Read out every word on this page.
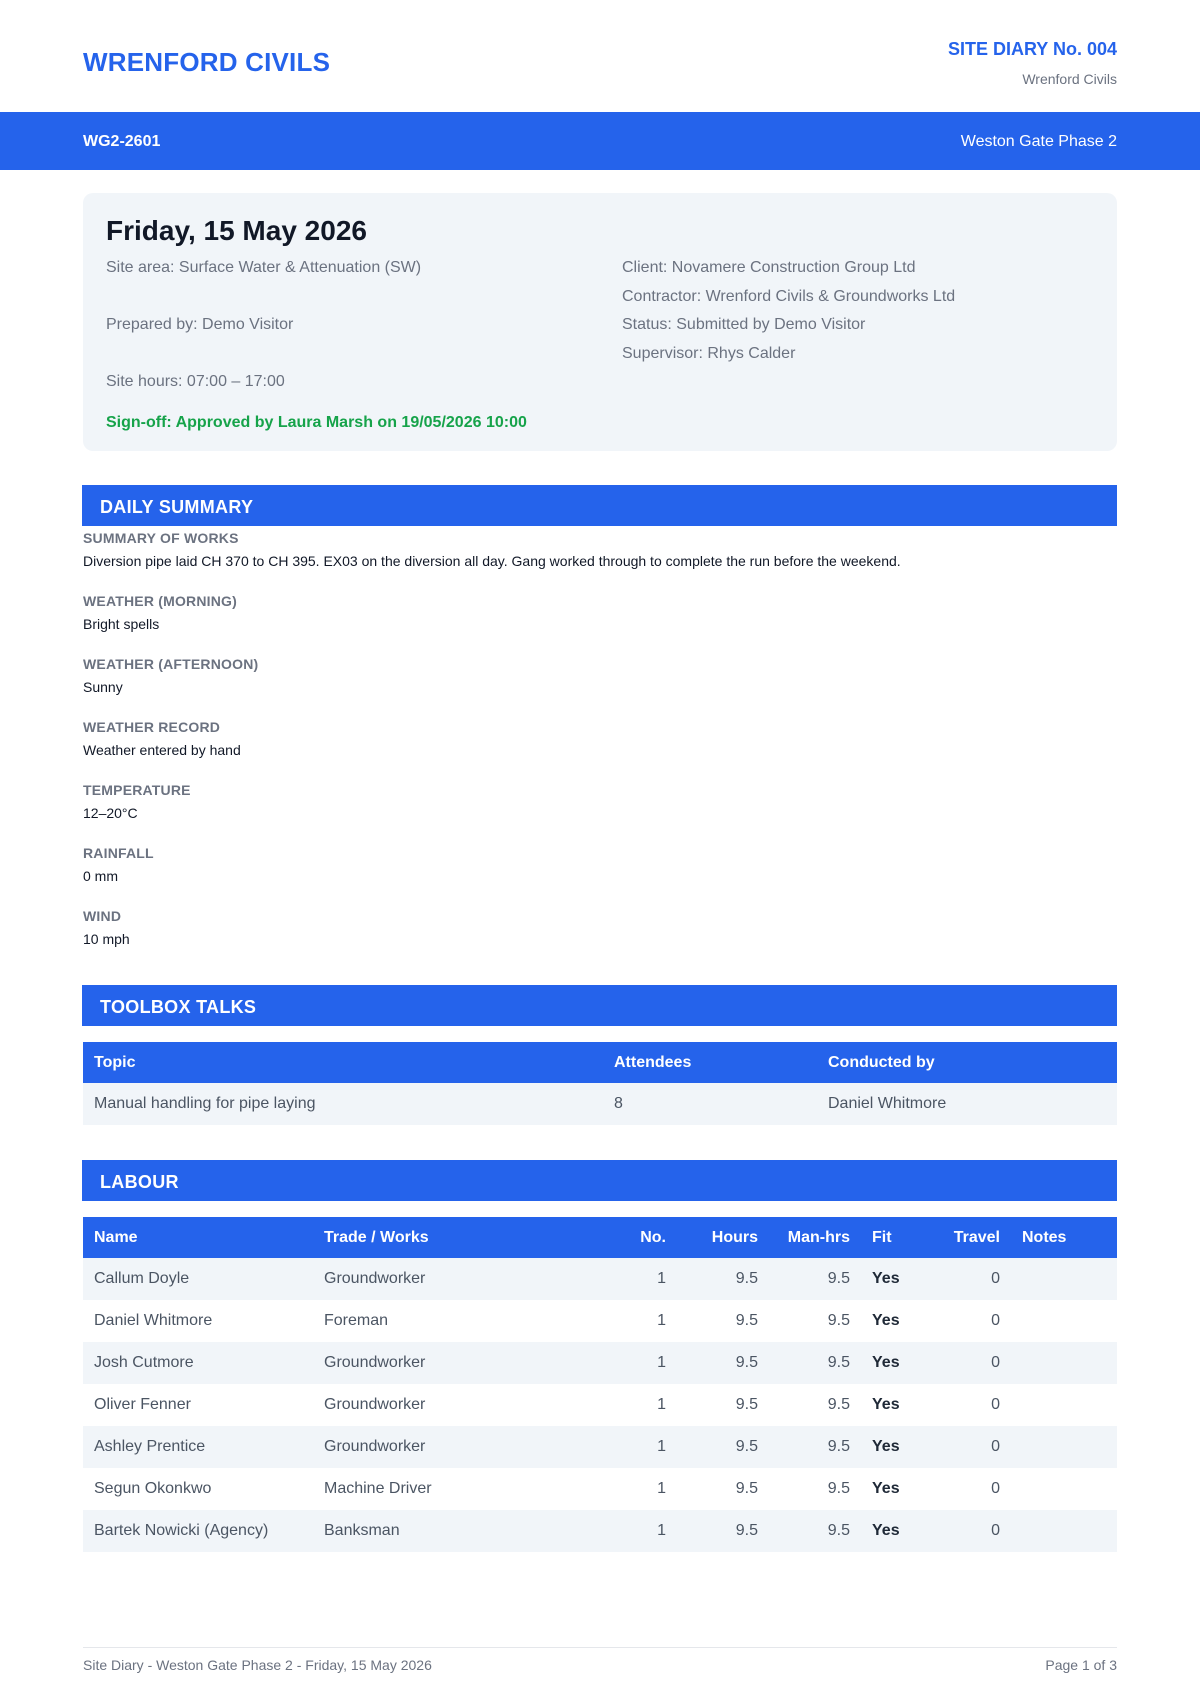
WRENFORD CIVILS	SITE DIARY No. 004
Wrenford Civils
WG2-2601	Weston Gate Phase 2
Friday, 15 May 2026
Site area: Surface Water & Attenuation (SW)
Prepared by: Demo Visitor
Site hours: 07:00 – 17:00
Client: Novamere Construction Group Ltd
Contractor: Wrenford Civils & Groundworks Ltd
Status: Submitted by Demo Visitor
Supervisor: Rhys Calder
Sign-off: Approved by Laura Marsh on 19/05/2026 10:00
DAILY SUMMARY
SUMMARY OF WORKS
Diversion pipe laid CH 370 to CH 395. EX03 on the diversion all day. Gang worked through to complete the run before the weekend.
WEATHER (MORNING)
Bright spells
WEATHER (AFTERNOON)
Sunny
WEATHER RECORD
Weather entered by hand
TEMPERATURE
12–20°C
RAINFALL
0 mm
WIND
10 mph
TOOLBOX TALKS
Topic	Attendees	Conducted by
Manual handling for pipe laying	8	Daniel Whitmore
LABOUR
Name	Trade / Works	No.	Hours	Man-hrs	Fit	Travel	Notes
Callum Doyle	Groundworker	1	9.5	9.5	Yes	0	
Daniel Whitmore	Foreman	1	9.5	9.5	Yes	0	
Josh Cutmore	Groundworker	1	9.5	9.5	Yes	0	
Oliver Fenner	Groundworker	1	9.5	9.5	Yes	0	
Ashley Prentice	Groundworker	1	9.5	9.5	Yes	0	
Segun Okonkwo	Machine Driver	1	9.5	9.5	Yes	0	
Bartek Nowicki (Agency)	Banksman	1	9.5	9.5	Yes	0	
Site Diary - Weston Gate Phase 2 - Friday, 15 May 2026	Page 1 of 3
